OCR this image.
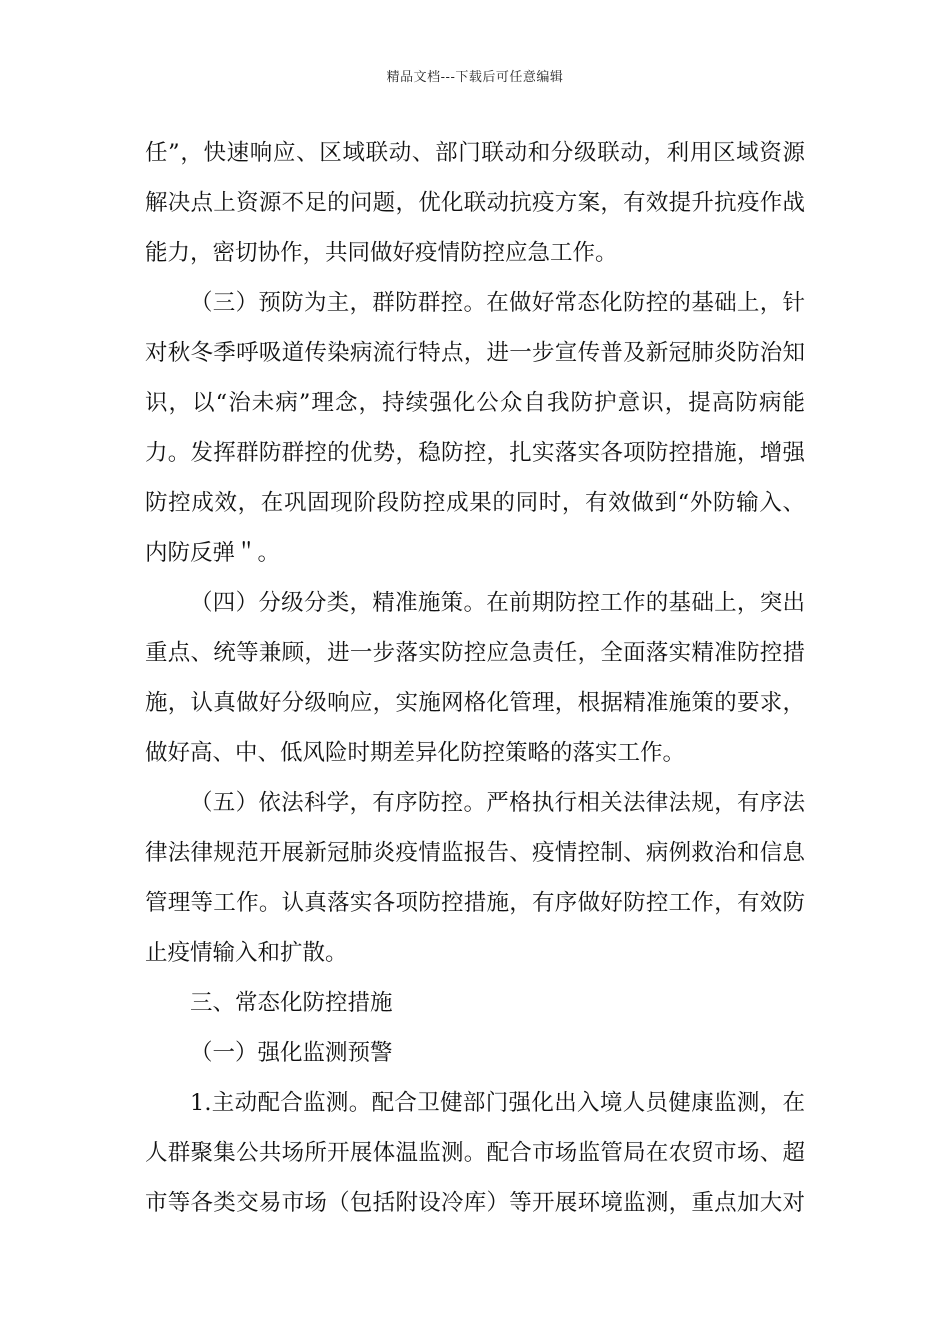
精品文档---下载后可任意编辑
任”，快速响应、区域联动、部门联动和分级联动，利用区域资源
解决点上资源不足的问题，优化联动抗疫方案，有效提升抗疫作战
能力，密切协作，共同做好疫情防控应急工作。
（三）预防为主，群防群控。在做好常态化防控的基础上，针
对秋冬季呼吸道传染病流行特点，进一步宣传普及新冠肺炎防治知
识，以“治未病”理念，持续强化公众自我防护意识，提高防病能
力。发挥群防群控的优势，稳防控，扎实落实各项防控措施，增强
防控成效，在巩固现阶段防控成果的同时，有效做到“外防输入、
内防反弹＂。
（四）分级分类，精准施策。在前期防控工作的基础上，突出
重点、统等兼顾，进一步落实防控应急责任，全面落实精准防控措
施，认真做好分级响应，实施网格化管理，根据精准施策的要求，
做好高、中、低风险时期差异化防控策略的落实工作。
（五）依法科学，有序防控。严格执行相关法律法规，有序法
律法律规范开展新冠肺炎疫情监报告、疫情控制、病例救治和信息
管理等工作。认真落实各项防控措施，有序做好防控工作，有效防
止疫情输入和扩散。
三、常态化防控措施
（一）强化监测预警
1.主动配合监测。配合卫健部门强化出入境人员健康监测，在
人群聚集公共场所开展体温监测。配合市场监管局在农贸市场、超
市等各类交易市场（包括附设冷库）等开展环境监测，重点加大对
